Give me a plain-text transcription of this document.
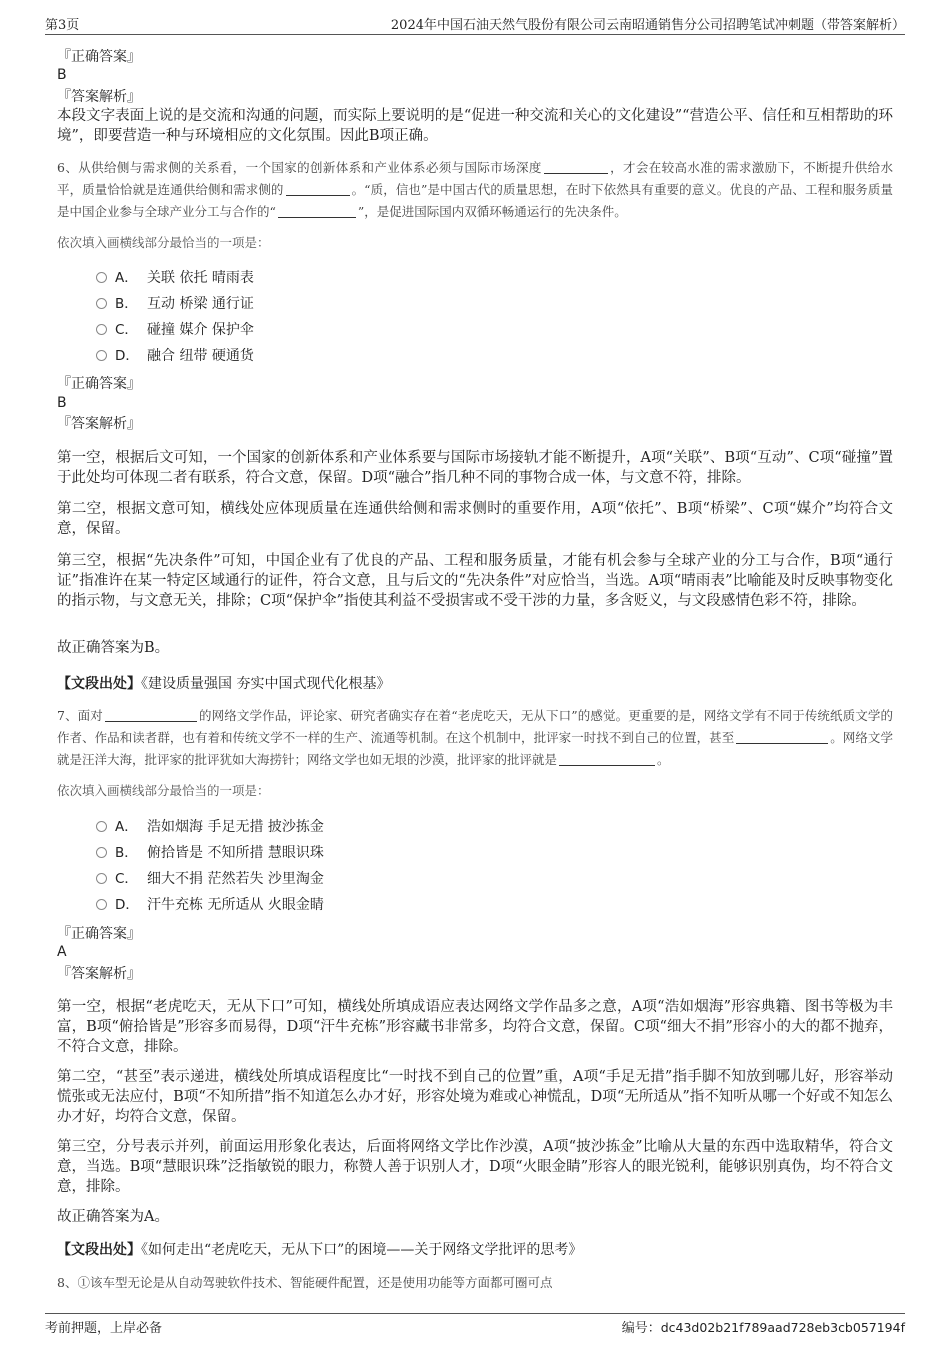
第3页	2024年中国石油天然气股份有限公司云南昭通销售分公司招聘笔试冲刺题（带答案解析）
『正确答案』
B
『答案解析』
本段文字表面上说的是交流和沟通的问题，而实际上要说明的是“促进一种交流和关心的文化建设”“营造公平、信任和互相帮助的环境”，即要营造一种与环境相应的文化氛围。因此B项正确。
6、从供给侧与需求侧的关系看，一个国家的创新体系和产业体系必须与国际市场深度	，才会在较高水准的需求激励下，不断提升供给水平，质量恰恰就是连通供给侧和需求侧的	。“质，信也”是中国古代的质量思想，在时下依然具有重要的意义。优良的产品、工程和服务质量是中国企业参与全球产业分工与合作的“	”，是促进国际国内双循环畅通运行的先决条件。
依次填入画横线部分最恰当的一项是：
A． 关联 依托 晴雨表
B． 互动 桥梁 通行证
C． 碰撞 媒介 保护伞
D． 融合 纽带 硬通货
『正确答案』
B
『答案解析』
第一空，根据后文可知，一个国家的创新体系和产业体系要与国际市场接轨才能不断提升，A项“关联”、B项“互动”、C项“碰撞”置于此处均可体现二者有联系，符合文意，保留。D项“融合”指几种不同的事物合成一体，与文意不符，排除。
第二空，根据文意可知，横线处应体现质量在连通供给侧和需求侧时的重要作用，A项“依托”、B项“桥梁”、C项“媒介”均符合文意，保留。
第三空，根据“先决条件”可知，中国企业有了优良的产品、工程和服务质量，才能有机会参与全球产业的分工与合作，B项“通行证”指准许在某一特定区域通行的证件，符合文意，且与后文的“先决条件”对应恰当，当选。A项“晴雨表”比喻能及时反映事物变化的指示物，与文意无关，排除；C项“保护伞”指使其利益不受损害或不受干涉的力量，多含贬义，与文段感情色彩不符，排除。
故正确答案为B。
【文段出处】《建设质量强国 夯实中国式现代化根基》
7、面对	的网络文学作品，评论家、研究者确实存在着“老虎吃天，无从下口”的感觉。更重要的是，网络文学有不同于传统纸质文学的作者、作品和读者群，也有着和传统文学不一样的生产、流通等机制。在这个机制中，批评家一时找不到自己的位置，甚至	。网络文学就是汪洋大海，批评家的批评犹如大海捞针；网络文学也如无垠的沙漠，批评家的批评就是	。
依次填入画横线部分最恰当的一项是：
A． 浩如烟海 手足无措 披沙拣金
B． 俯拾皆是 不知所措 慧眼识珠
C． 细大不捐 茫然若失 沙里淘金
D． 汗牛充栋 无所适从 火眼金睛
『正确答案』
A
『答案解析』
第一空，根据“老虎吃天，无从下口”可知，横线处所填成语应表达网络文学作品多之意，A项“浩如烟海”形容典籍、图书等极为丰富，B项“俯拾皆是”形容多而易得，D项“汗牛充栋”形容藏书非常多，均符合文意，保留。C项“细大不捐”形容小的大的都不抛弃，不符合文意，排除。
第二空，“甚至”表示递进，横线处所填成语程度比“一时找不到自己的位置”重，A项“手足无措”指手脚不知放到哪儿好，形容举动慌张或无法应付，B项“不知所措”指不知道怎么办才好，形容处境为难或心神慌乱，D项“无所适从”指不知听从哪一个好或不知怎么办才好，均符合文意，保留。
第三空，分号表示并列，前面运用形象化表达，后面将网络文学比作沙漠，A项“披沙拣金”比喻从大量的东西中选取精华，符合文意，当选。B项“慧眼识珠”泛指敏锐的眼力，称赞人善于识别人才，D项“火眼金睛”形容人的眼光锐利，能够识别真伪，均不符合文意，排除。
故正确答案为A。
【文段出处】《如何走出“老虎吃天，无从下口”的困境——关于网络文学批评的思考》
8、①该车型无论是从自动驾驶软件技术、智能硬件配置，还是使用功能等方面都可圈可点
考前押题，上岸必备	编号：dc43d02b21f789aad728eb3cb057194f
